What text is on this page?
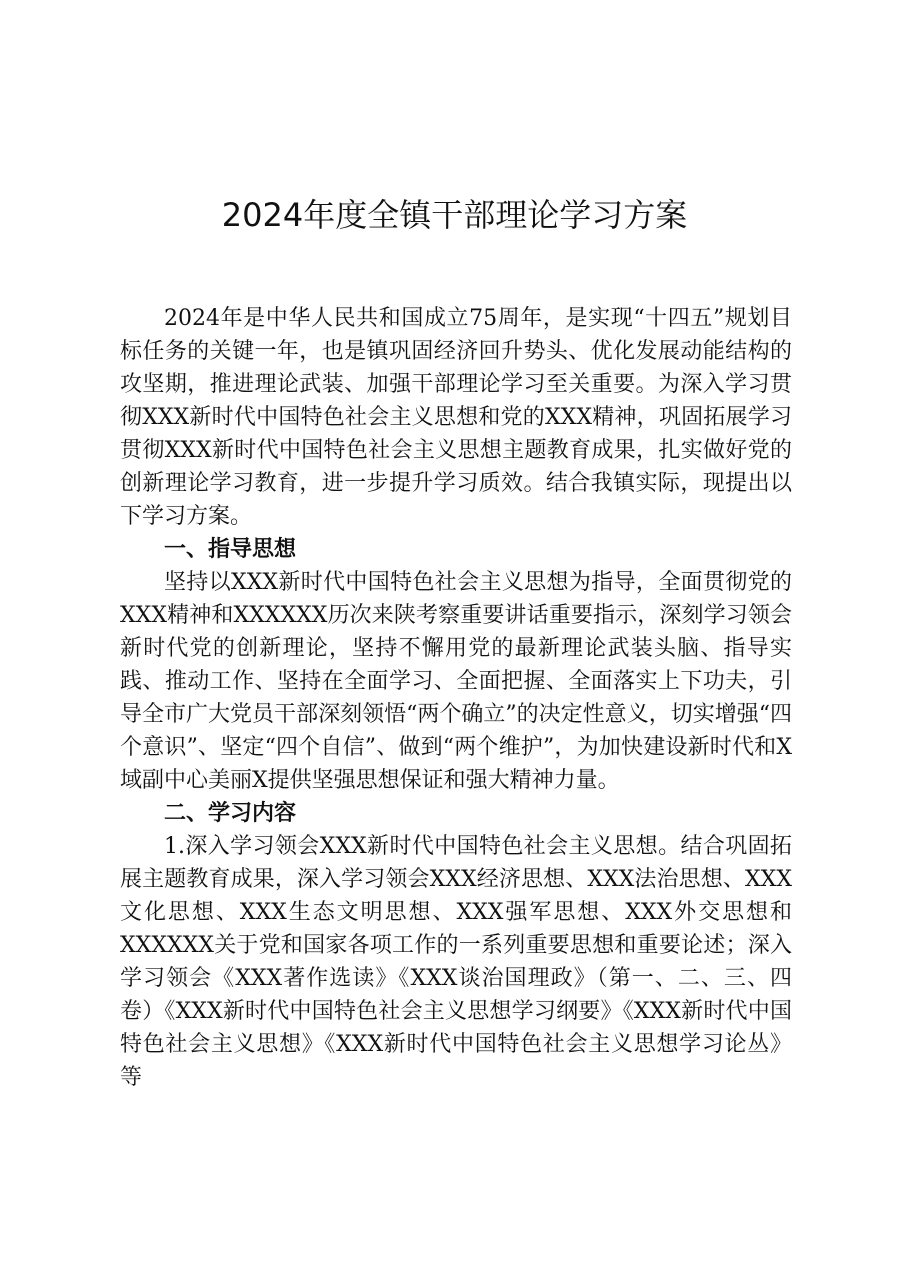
2024年度全镇干部理论学习方案

2024年是中华人民共和国成立75周年，是实现“十四五”规划目标任务的关键一年，也是镇巩固经济回升势头、优化发展动能结构的攻坚期，推进理论武装、加强干部理论学习至关重要。为深入学习贯彻XXX新时代中国特色社会主义思想和党的XXX精神，巩固拓展学习贯彻XXX新时代中国特色社会主义思想主题教育成果，扎实做好党的创新理论学习教育，进一步提升学习质效。结合我镇实际，现提出以下学习方案。

一、指导思想

坚持以XXX新时代中国特色社会主义思想为指导，全面贯彻党的XXX精神和XXXXXX历次来陕考察重要讲话重要指示，深刻学习领会新时代党的创新理论，坚持不懈用党的最新理论武装头脑、指导实践、推动工作、坚持在全面学习、全面把握、全面落实上下功夫，引导全市广大党员干部深刻领悟“两个确立”的决定性意义，切实增强“四个意识”、坚定“四个自信”、做到“两个维护”，为加快建设新时代和X域副中心美丽X提供坚强思想保证和强大精神力量。

二、学习内容

1.深入学习领会XXX新时代中国特色社会主义思想。结合巩固拓展主题教育成果，深入学习领会XXX经济思想、XXX法治思想、XXX文化思想、XXX生态文明思想、XXX强军思想、XXX外交思想和XXXXXX关于党和国家各项工作的一系列重要思想和重要论述；深入学习领会《XXX著作选读》《XXX谈治国理政》（第一、二、三、四卷）《XXX新时代中国特色社会主义思想学习纲要》《XXX新时代中国特色社会主义思想》《XXX新时代中国特色社会主义思想学习论丛》等
